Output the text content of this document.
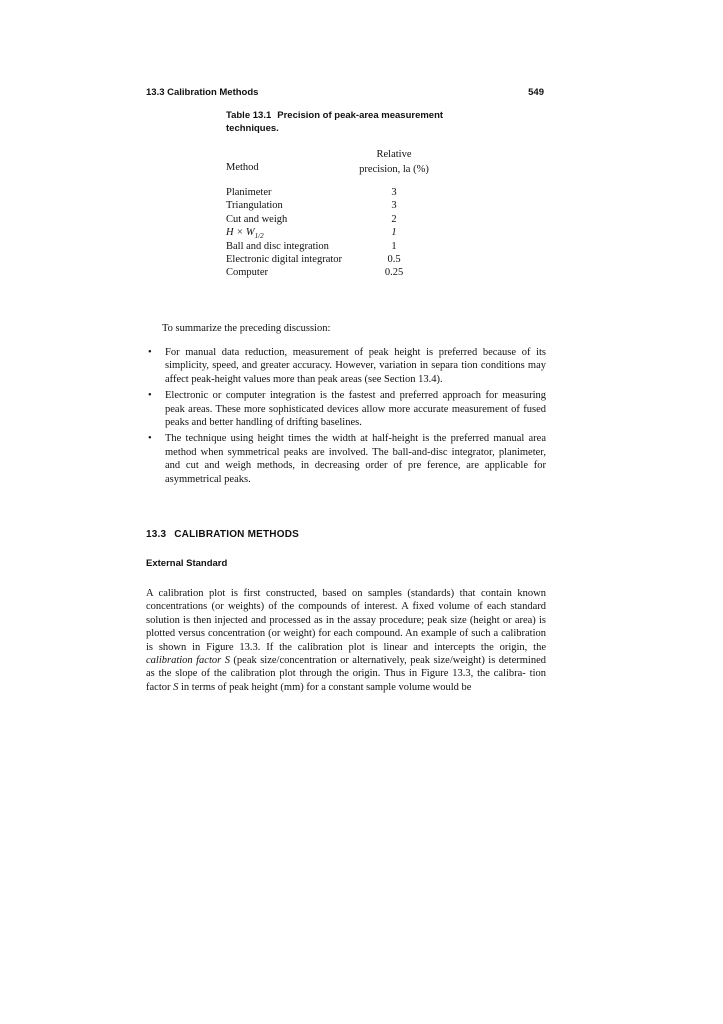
13.3 Calibration Methods	549
Table 13.1 Precision of peak-area measurement techniques.
Method
Relative
precision, la (%)
Planimeter	3
Triangulation	3
Cut and weigh	2
$H \times W_{1/2}$	1
Ball and disc integration	1
Electronic digital integrator	0.5
Computer	0.25
To summarize the preceding discussion:
• For manual data reduction, measurement of peak height is preferred because of its simplicity, speed, and greater accuracy. However, variation in separa tion conditions may affect peak-height values more than peak areas (see Section 13.4).
• Electronic or computer integration is the fastest and preferred approach for measuring peak areas. These more sophisticated devices allow more accurate measurement of fused peaks and better handling of drifting baselines.
• The technique using height times the width at half-height is the preferred manual area method when symmetrical peaks are involved. The ball-and-disc integrator, planimeter, and cut and weigh methods, in decreasing order of pre ference, are applicable for asymmetrical peaks.
13.3 CALIBRATION METHODS
External Standard
A calibration plot is first constructed, based on samples (standards) that contain known concentrations (or weights) of the compounds of interest. A fixed volume of each standard solution is then injected and processed as in the assay procedure; peak size (height or area) is plotted versus concentration (or weight) for each compound. An example of such a calibration is shown in Figure 13.3. If the calibration plot is linear and intercepts the origin, the calibration factor S (peak size/concentration or alternatively, peak size/weight) is determined as the slope of the calibration plot through the origin. Thus in Figure 13.3, the calibra- tion factor S in terms of peak height (mm) for a constant sample volume would be
